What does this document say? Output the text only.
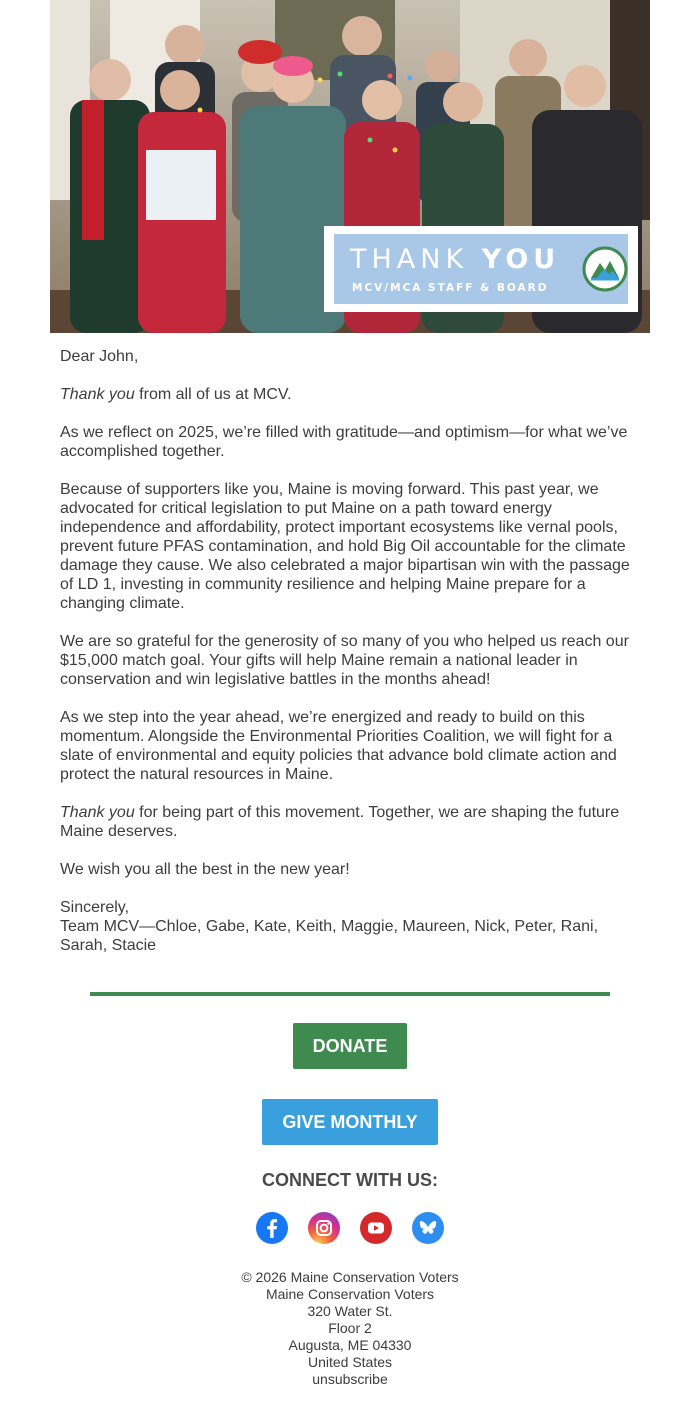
THANK YOU
MCV/MCA STAFF & BOARD

Dear John,

Thank you from all of us at MCV.

As we reflect on 2025, we’re filled with gratitude—and optimism—for what we’ve accomplished together.

Because of supporters like you, Maine is moving forward. This past year, we advocated for critical legislation to put Maine on a path toward energy independence and affordability, protect important ecosystems like vernal pools, prevent future PFAS contamination, and hold Big Oil accountable for the climate damage they cause. We also celebrated a major bipartisan win with the passage of LD 1, investing in community resilience and helping Maine prepare for a changing climate.

We are so grateful for the generosity of so many of you who helped us reach our $15,000 match goal. Your gifts will help Maine remain a national leader in conservation and win legislative battles in the months ahead!

As we step into the year ahead, we’re energized and ready to build on this momentum. Alongside the Environmental Priorities Coalition, we will fight for a slate of environmental and equity policies that advance bold climate action and protect the natural resources in Maine.

Thank you for being part of this movement. Together, we are shaping the future Maine deserves.

We wish you all the best in the new year!

Sincerely,
Team MCV—Chloe, Gabe, Kate, Keith, Maggie, Maureen, Nick, Peter, Rani, Sarah, Stacie

DONATE
GIVE MONTHLY
CONNECT WITH US:
© 2026 Maine Conservation Voters
Maine Conservation Voters
320 Water St.
Floor 2
Augusta, ME 04330
United States
unsubscribe
